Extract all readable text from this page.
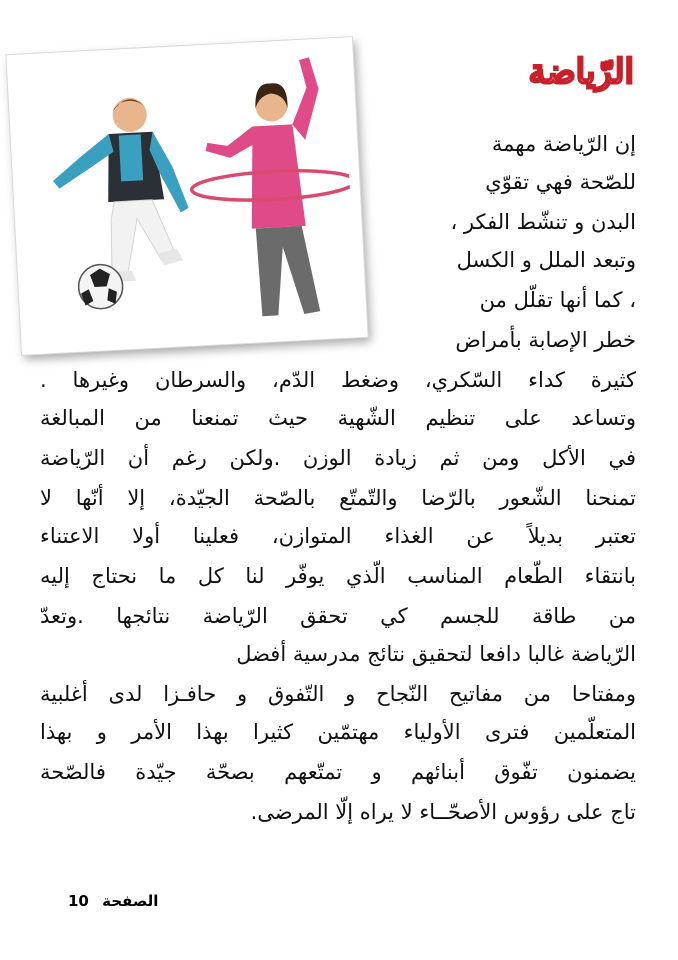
الرّياضة

إن الرّياضة مهمة

للصّحة فهي تقوّي

البدن و تنشّط الفكر ،

وتبعد الملل و الكسل

، كما أنها تقلّل من

خطر الإصابة بأمراض

كثيرة كداء السّكري، وضغط الدّم، والسرطان وغيرها .

وتساعد على تنظيم الشّهية حيث تمنعنا من المبالغة

في الأكل ومن ثم زيادة الوزن .ولكن رغم أن الرّياضة

تمنحنا الشّعور بالرّضا والتّمتّع بالصّحة الجيّدة، إلا أنّها لا

تعتبر بديلاً عن الغذاء المتوازن، فعلينا أولا الاعتناء

بانتقاء الطّعام المناسب الّذي يوفّر لنا كل ما نحتاج إليه

من طاقة للجسم كي تحقق الرّياضة نتائجها .وتعدّ

الرّياضة غالبا دافعا لتحقيق نتائج مدرسية أفضل

ومفتاحا من مفاتيح النّجاح و التّفوق و حافـزا لدى أغلبية

المتعلّمين فترى الأولياء مهتمّين كثيرا بهذا الأمر و بهذا

يضمنون تفّوق أبنائهم و تمتّعهم بصحّة جيّدة فالصّحة

تاج على رؤوس الأصحّــاء لا يراه إلّا المرضى.

الصفحة 10
